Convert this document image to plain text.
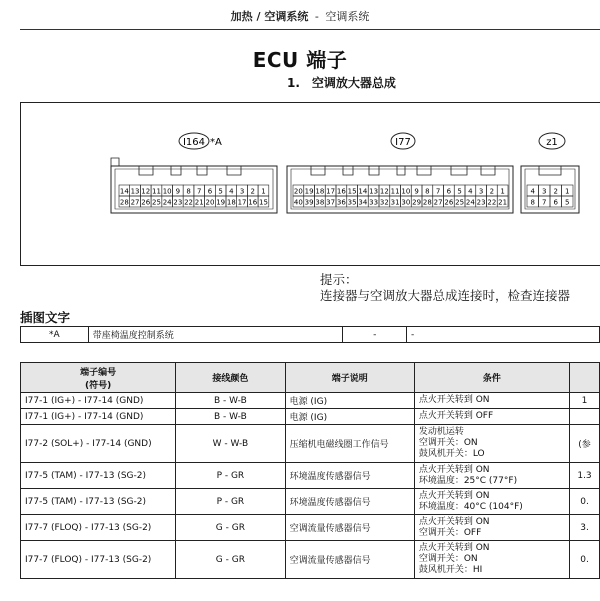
加热 / 空调系统 - 空调系统
ECU 端子
1. 空调放大器总成
I164 *A
14 13 12 11 10 9 8 7 6 5 4 3 2 1
28 27 26 25 24 23 22 21 20 19 18 17 16 15
I77
20 19 18 17 16 15 14 13 12 11 10 9 8 7 6 5 4 3 2 1
40 39 38 37 36 35 34 33 32 31 30 29 28 27 26 25 24 23 22 21
z1
4 3 2 1
8 7 6 5
提示：
连接器与空调放大器总成连接时，检查连接器
插图文字
*A	带座椅温度控制系统	-	-
端子编号
(符号)	接线颜色	端子说明	条件	
I77-1 (IG+) - I77-14 (GND)	B - W-B	电源 (IG)	点火开关转到 ON	1
I77-1 (IG+) - I77-14 (GND)	B - W-B	电源 (IG)	点火开关转到 OFF	

I77-2 (SOL+) - I77-14 (GND)	W - W-B	压缩机电磁线圈工作信号	发动机运转
空调开关：ON
鼓风机开关：LO	(参
I77-5 (TAM) - I77-13 (SG-2)	P - GR	环境温度传感器信号	点火开关转到 ON
环境温度：25°C (77°F)	1.3
I77-5 (TAM) - I77-13 (SG-2)	P - GR	环境温度传感器信号	点火开关转到 ON
环境温度：40°C (104°F)	0.
I77-7 (FLOQ) - I77-13 (SG-2)	G - GR	空调流量传感器信号	点火开关转到 ON
空调开关：OFF	3.
I77-7 (FLOQ) - I77-13 (SG-2)	G - GR	空调流量传感器信号	点火开关转到 ON
空调开关：ON
鼓风机开关：HI	0.
